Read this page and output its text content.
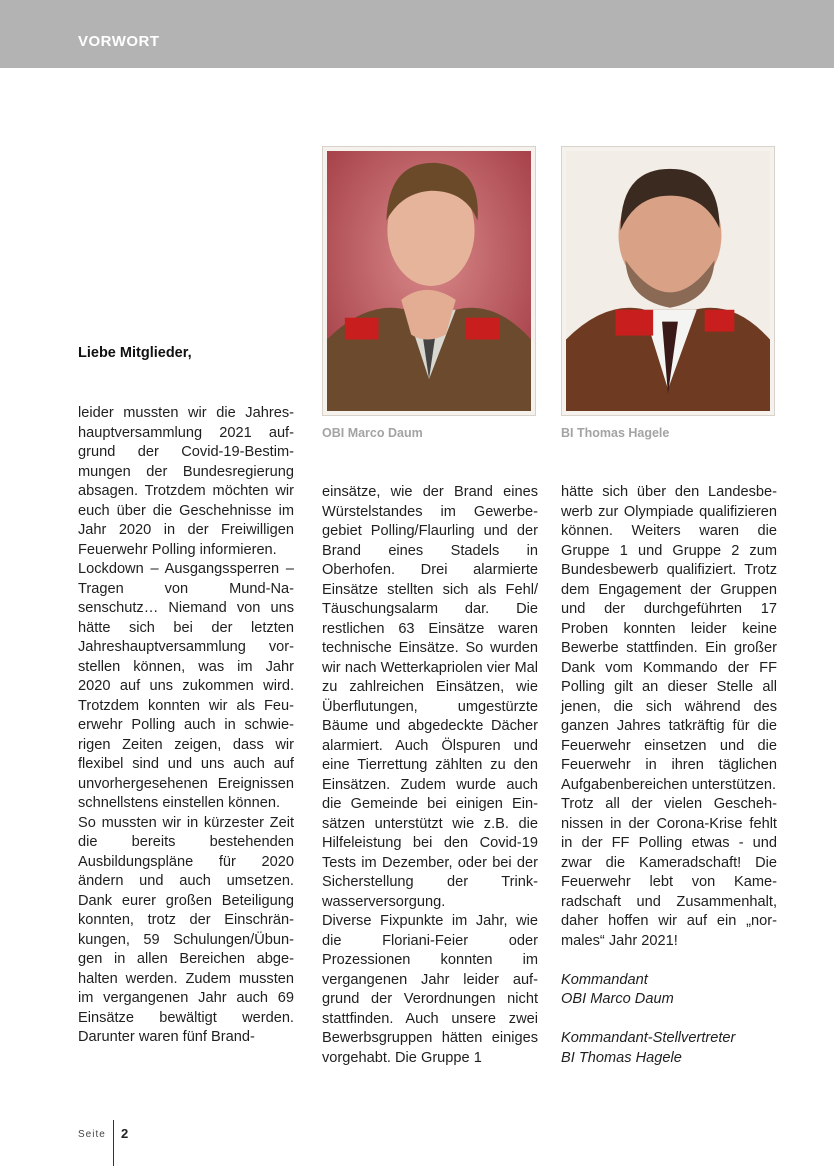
VORWORT
OBI Marco Daum	BI Thomas Hagele
Liebe Mitglieder,

leider mussten wir die Jahreshauptversammlung 2021 aufgrund der Covid-19-Bestimmungen der Bundesregierung absagen. Trotzdem möchten wir euch über die Geschehnisse im Jahr 2020 in der Freiwilligen Feuerwehr Polling informieren.

Lockdown – Ausgangssperren – Tragen von Mund-Nasenschutz… Niemand von uns hätte sich bei der letzten Jahreshauptversammlung vorstellen können, was im Jahr 2020 auf uns zukommen wird. Trotzdem konnten wir als Feuerwehr Polling auch in schwierigen Zeiten zeigen, dass wir flexibel sind und uns auch auf unvorhergesehenen Ereignissen schnellstens einstellen können.

So mussten wir in kürzester Zeit die bereits bestehenden Ausbildungspläne für 2020 ändern und auch umsetzen. Dank eurer großen Beteiligung konnten, trotz der Einschränkungen, 59 Schulungen/Übungen in allen Bereichen abgehalten werden. Zudem mussten im vergangenen Jahr auch 69 Einsätze bewältigt werden. Darunter waren fünf Brand-

einsätze, wie der Brand eines Würstelstandes im Gewerbegebiet Polling/Flaurling und der Brand eines Stadels in Oberhofen. Drei alarmierte Einsätze stellten sich als Fehl/ Täuschungsalarm dar. Die restlichen 63 Einsätze waren technische Einsätze. So wurden wir nach Wetterkapriolen vier Mal zu zahlreichen Einsätzen, wie Überflutungen, umgestürzte Bäume und abgedeckte Dächer alarmiert. Auch Ölspuren und eine Tierrettung zählten zu den Einsätzen. Zudem wurde auch die Gemeinde bei einigen Einsätzen unterstützt wie z.B. die Hilfeleistung bei den Covid-19 Tests im Dezember, oder bei der Sicherstellung der Trinkwasserversorgung.

Diverse Fixpunkte im Jahr, wie die Floriani-Feier oder Prozessionen konnten im vergangenen Jahr leider aufgrund der Verordnungen nicht stattfinden. Auch unsere zwei Bewerbsgruppen hätten einiges vorgehabt. Die Gruppe 1

hätte sich über den Landesbewerb zur Olympiade qualifizieren können. Weiters waren die Gruppe 1 und Gruppe 2 zum Bundesbewerb qualifiziert. Trotz dem Engagement der Gruppen und der durchgeführten 17 Proben konnten leider keine Bewerbe stattfinden. Ein großer Dank vom Kommando der FF Polling gilt an dieser Stelle all jenen, die sich während des ganzen Jahres tatkräftig für die Feuerwehr einsetzen und die Feuerwehr in ihren täglichen Aufgabenbereichen unterstützen.

Trotz all der vielen Geschehnissen in der Corona-Krise fehlt in der FF Polling etwas - und zwar die Kameradschaft! Die Feuerwehr lebt von Kameradschaft und Zusammenhalt, daher hoffen wir auf ein „normales“ Jahr 2021!

Kommandant

OBI Marco Daum

Kommandant-Stellvertreter

BI Thomas Hagele

Seite 2
